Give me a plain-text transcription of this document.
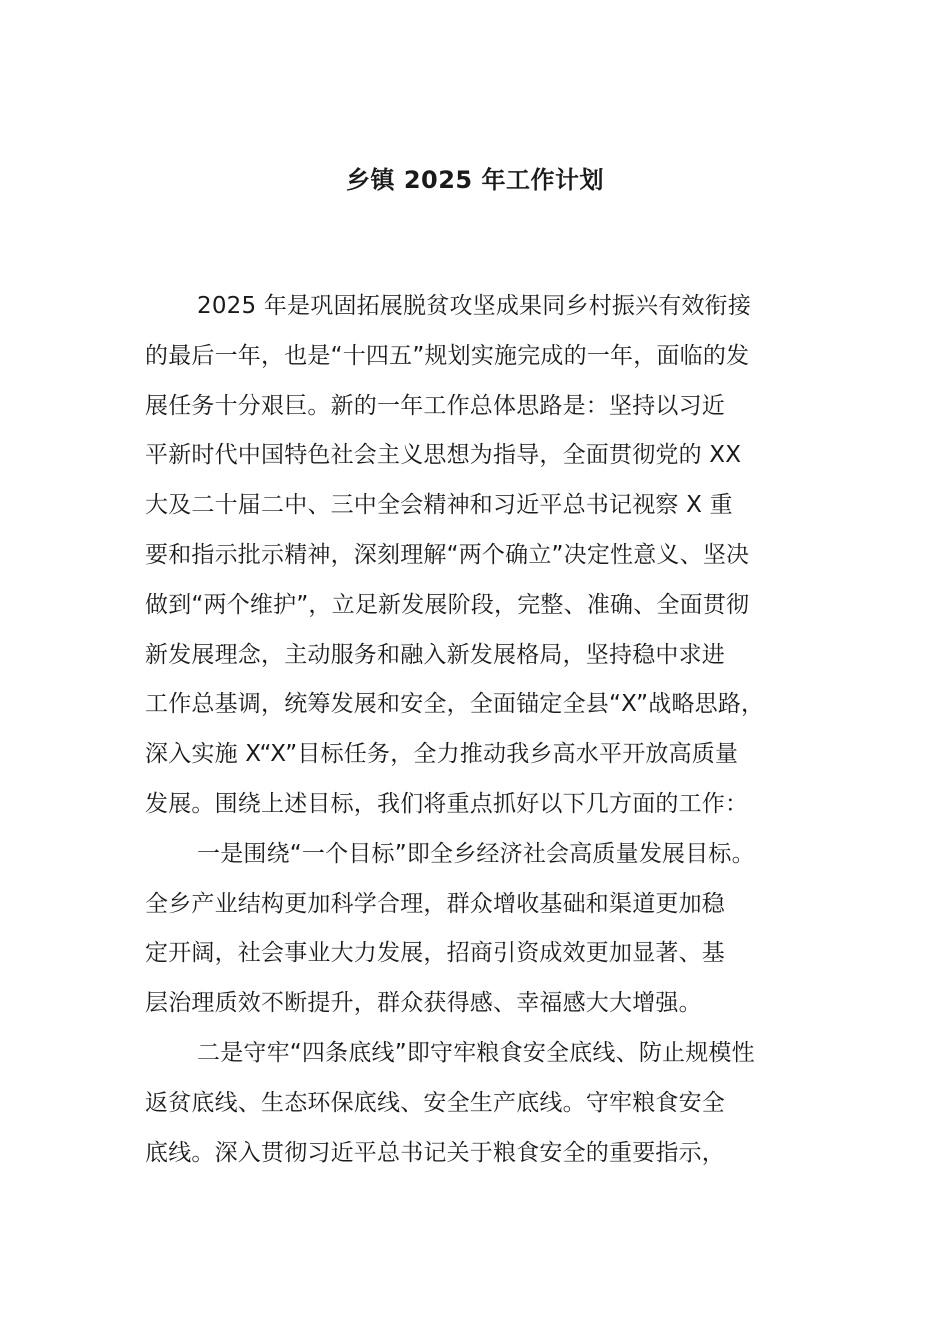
乡镇 2025 年工作计划
2025 年是巩固拓展脱贫攻坚成果同乡村振兴有效衔接
的最后一年，也是“十四五”规划实施完成的一年，面临的发
展任务十分艰巨。新的一年工作总体思路是：坚持以习近
平新时代中国特色社会主义思想为指导，全面贯彻党的 XX
大及二十届二中、三中全会精神和习近平总书记视察 X 重
要和指示批示精神，深刻理解“两个确立”决定性意义、坚决
做到“两个维护”，立足新发展阶段，完整、准确、全面贯彻
新发展理念，主动服务和融入新发展格局，坚持稳中求进
工作总基调，统筹发展和安全，全面锚定全县“X”战略思路，
深入实施 X“X”目标任务，全力推动我乡高水平开放高质量
发展。围绕上述目标，我们将重点抓好以下几方面的工作：
一是围绕“一个目标”即全乡经济社会高质量发展目标。
全乡产业结构更加科学合理，群众增收基础和渠道更加稳
定开阔，社会事业大力发展，招商引资成效更加显著、基
层治理质效不断提升，群众获得感、幸福感大大增强。
二是守牢“四条底线”即守牢粮食安全底线、防止规模性
返贫底线、生态环保底线、安全生产底线。守牢粮食安全
底线。深入贯彻习近平总书记关于粮食安全的重要指示，
